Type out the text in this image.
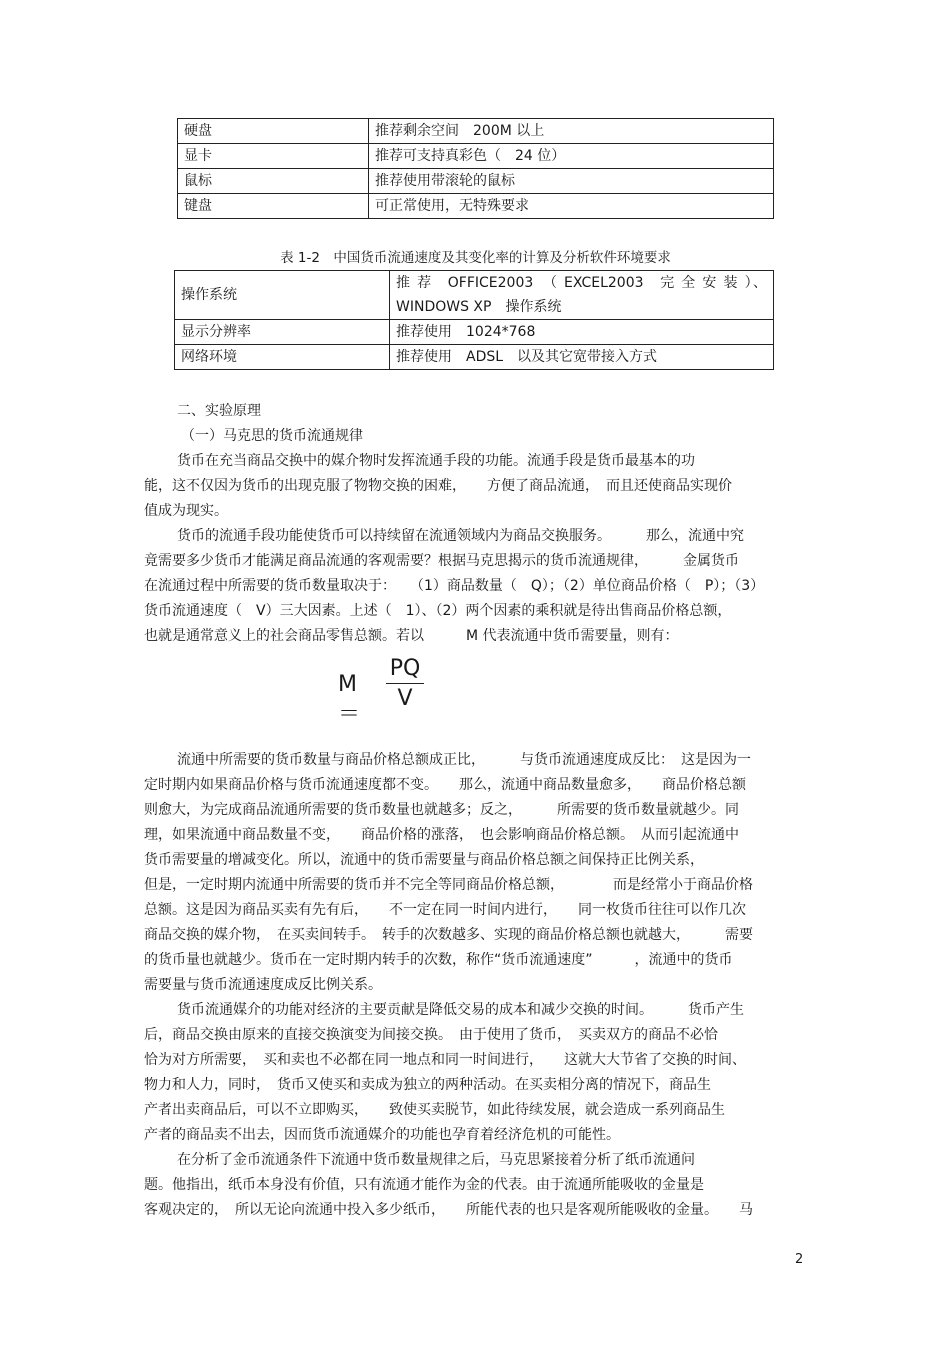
硬盘	推荐剩余空间　200M 以上
显卡	推荐可支持真彩色（　24 位）
鼠标	推荐使用带滚轮的鼠标
键盘	可正常使用，无特殊要求
表 1-2　中国货币流通速度及其变化率的计算及分析软件环境要求
操作系统	推 荐　OFFICE2003　（ EXCEL2003　完 全 安 装 ）、
WINDOWS XP　操作系统

显示分辨率	推荐使用　1024*768
网络环境	推荐使用　ADSL　以及其它宽带接入方式
二、实验原理
（一）马克思的货币流通规律
货币在充当商品交换中的媒介物时发挥流通手段的功能。流通手段是货币最基本的功
能，这不仅因为货币的出现克服了物物交换的困难，　　方便了商品流通，　而且还使商品实现价
值成为现实。
货币的流通手段功能使货币可以持续留在流通领域内为商品交换服务。　　　那么，流通中究
竟需要多少货币才能满足商品流通的客观需要？根据马克思揭示的货币流通规律，　　　金属货币
在流通过程中所需要的货币数量取决于：　　（1）商品数量（　Q）；（2）单位商品价格（　P）；（3）
货币流通速度（　V）三大因素。上述（　1）、（2）两个因素的乘积就是待出售商品价格总额，
也就是通常意义上的社会商品零售总额。若以　　　M 代表流通中货币需要量，则有：
M＝
PQ
V
流通中所需要的货币数量与商品价格总额成正比，　　　与货币流通速度成反比：　这是因为一
定时期内如果商品价格与货币流通速度都不变。　　那么，流通中商品数量愈多，　　商品价格总额
则愈大，为完成商品流通所需要的货币数量也就越多；反之，　　　所需要的货币数量就越少。同
理，如果流通中商品数量不变，　　商品价格的涨落，　也会影响商品价格总额。　从而引起流通中
货币需要量的增减变化。所以，流通中的货币需要量与商品价格总额之间保持正比例关系，
但是，一定时期内流通中所需要的货币并不完全等同商品价格总额，　　　　而是经常小于商品价格
总额。这是因为商品买卖有先有后，　　不一定在同一时间内进行，　　同一枚货币往往可以作几次
商品交换的媒介物，　在买卖间转手。　转手的次数越多、实现的商品价格总额也就越大，　　　需要
的货币量也就越少。货币在一定时期内转手的次数，称作“货币流通速度”　　　，流通中的货币
需要量与货币流通速度成反比例关系。
货币流通媒介的功能对经济的主要贡献是降低交易的成本和减少交换的时间。　　　货币产生
后，商品交换由原来的直接交换演变为间接交换。　由于使用了货币，　买卖双方的商品不必恰
恰为对方所需要，　买和卖也不必都在同一地点和同一时间进行，　　这就大大节省了交换的时间、
物力和人力，同时，　货币又使买和卖成为独立的两种活动。在买卖相分离的情况下，商品生
产者出卖商品后，可以不立即购买，　　致使买卖脱节，如此待续发展，就会造成一系列商品生
产者的商品卖不出去，因而货币流通媒介的功能也孕育着经济危机的可能性。
在分析了金币流通条件下流通中货币数量规律之后，马克思紧接着分析了纸币流通问
题。他指出，纸币本身没有价值，只有流通才能作为金的代表。由于流通所能吸收的金量是
客观决定的，　所以无论向流通中投入多少纸币，　　所能代表的也只是客观所能吸收的金量。　　马
2
